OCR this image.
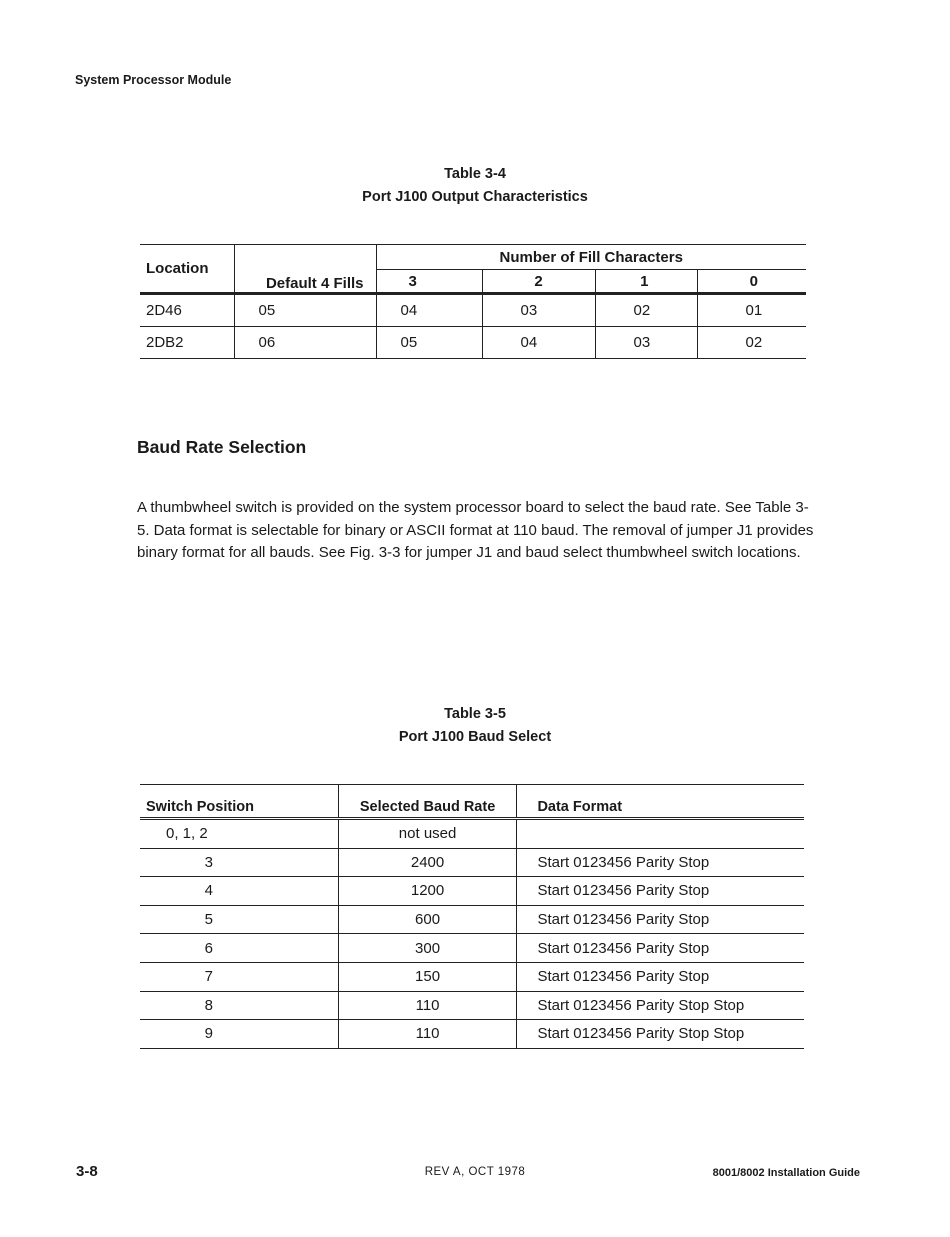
System Processor Module
Table 3-4
Port J100 Output Characteristics
Location	Default 4 Fills	Number of Fill Characters			
		3	2	1	0
2D46	05	04	03	02	01
2DB2	06	05	04	03	02
Baud Rate Selection
A thumbwheel switch is provided on the system processor board to select the baud rate. See Table 3-5. Data format is selectable for binary or ASCII format at 110 baud. The removal of jumper J1 provides binary format for all bauds. See Fig. 3-3 for jumper J1 and baud select thumbwheel switch locations.
Table 3-5
Port J100 Baud Select
Switch Position	Selected Baud Rate	Data Format
0, 1, 2	not used	
3	2400	Start 0123456 Parity Stop
4	1200	Start 0123456 Parity Stop
5	600	Start 0123456 Parity Stop
6	300	Start 0123456 Parity Stop
7	150	Start 0123456 Parity Stop
8	110	Start 0123456 Parity Stop Stop
9	110	Start 0123456 Parity Stop Stop
3-8	REV A, OCT 1978	8001/8002 Installation Guide
